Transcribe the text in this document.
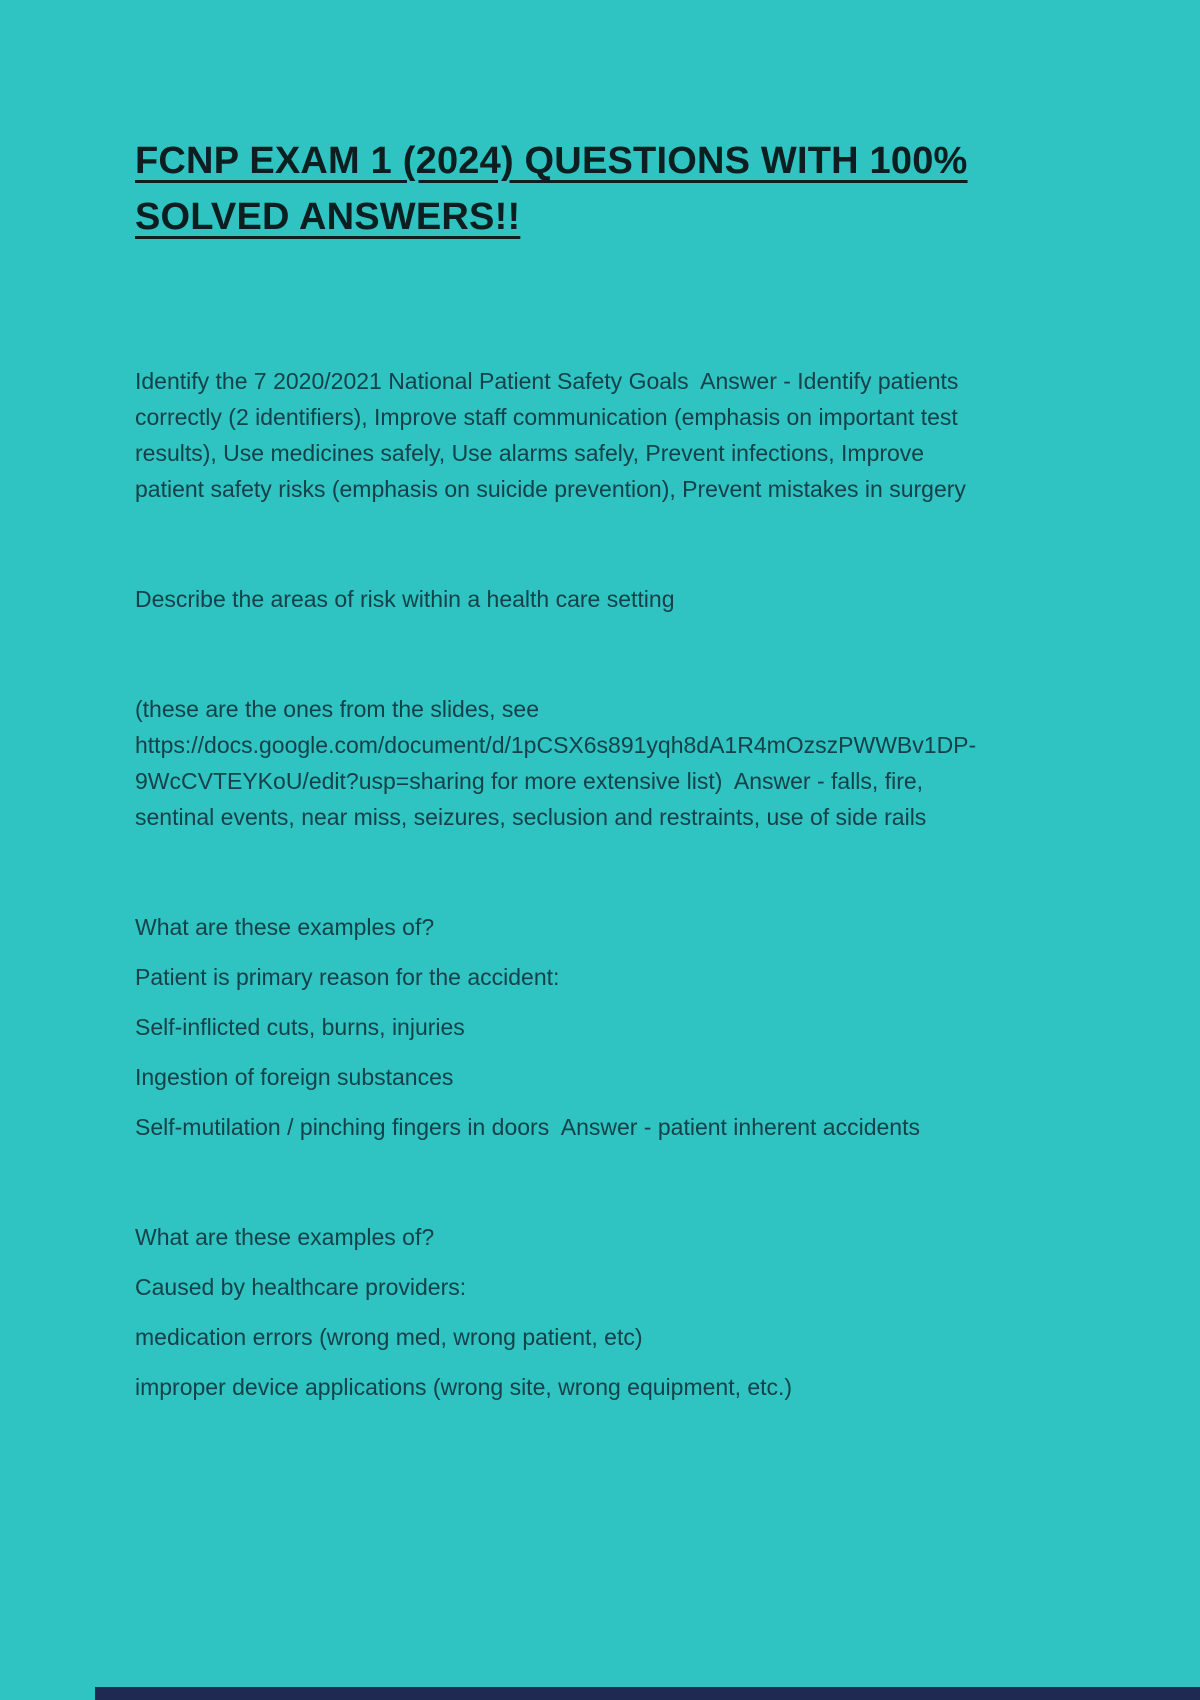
FCNP EXAM 1 (2024) QUESTIONS WITH 100%
SOLVED ANSWERS!!

Identify the 7 2020/2021 National Patient Safety Goals  Answer - Identify patients correctly (2 identifiers), Improve staff communication (emphasis on important test results), Use medicines safely, Use alarms safely, Prevent infections, Improve patient safety risks (emphasis on suicide prevention), Prevent mistakes in surgery

Describe the areas of risk within a health care setting

(these are the ones from the slides, see https://docs.google.com/document/d/1pCSX6s891yqh8dA1R4mOzszPWWBv1DP-9WcCVTEYKoU/edit?usp=sharing for more extensive list)  Answer - falls, fire, sentinal events, near miss, seizures, seclusion and restraints, use of side rails

What are these examples of?

Patient is primary reason for the accident:

Self-inflicted cuts, burns, injuries

Ingestion of foreign substances

Self-mutilation / pinching fingers in doors  Answer - patient inherent accidents

What are these examples of?

Caused by healthcare providers:

medication errors (wrong med, wrong patient, etc)

improper device applications (wrong site, wrong equipment, etc.)
